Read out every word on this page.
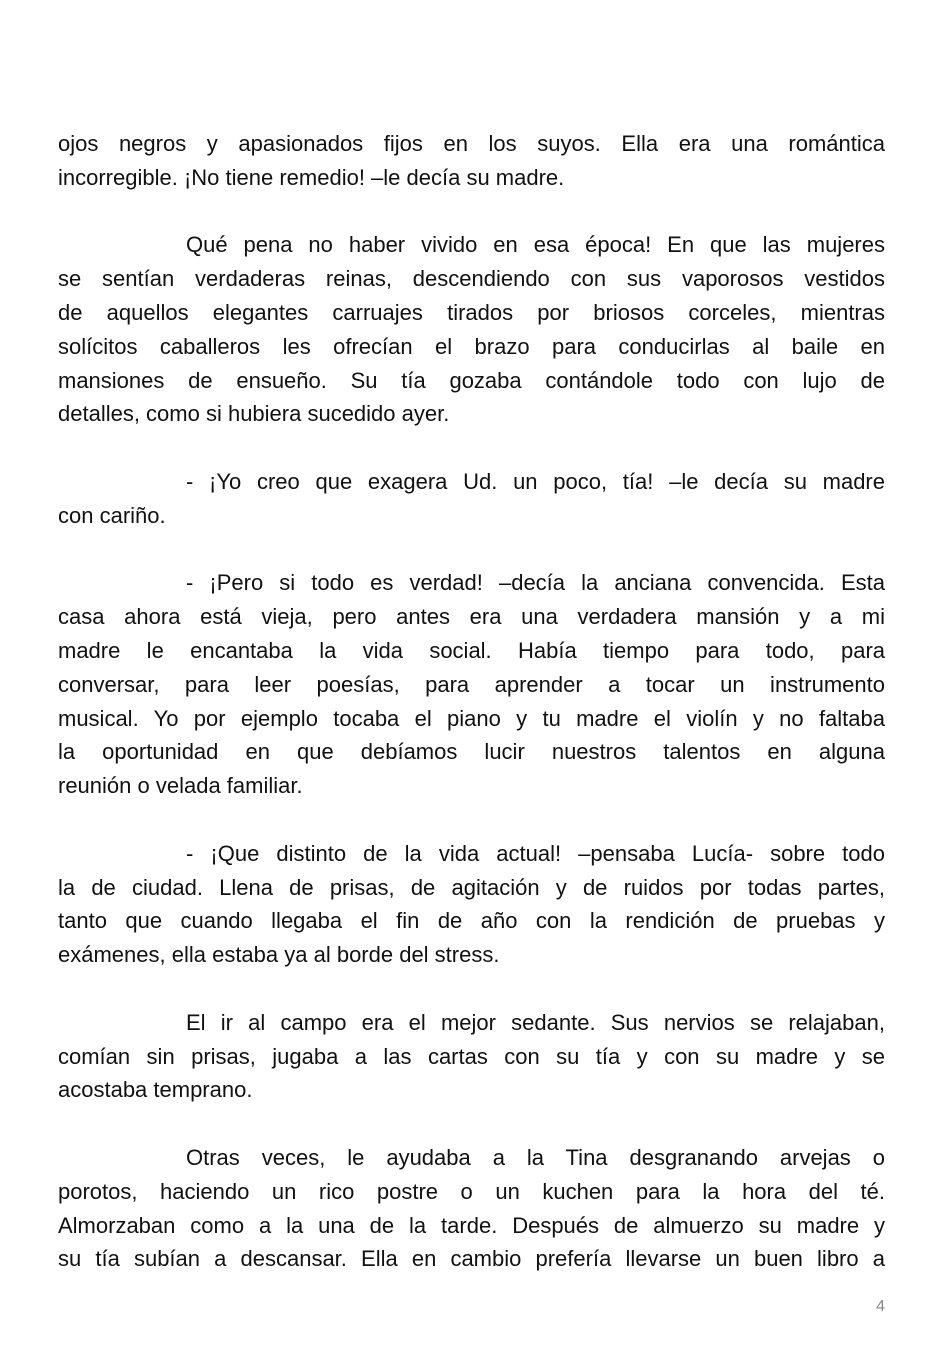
ojos negros y apasionados fijos en los suyos. Ella era una romántica
incorregible. ¡No tiene remedio! –le decía su madre.
Qué pena no haber vivido en esa época! En que las mujeres
se sentían verdaderas reinas, descendiendo con sus vaporosos vestidos
de aquellos elegantes carruajes tirados por briosos corceles, mientras
solícitos caballeros les ofrecían el brazo para conducirlas al baile en
mansiones de ensueño. Su tía gozaba contándole todo con lujo de
detalles, como si hubiera sucedido ayer.
- ¡Yo creo que exagera Ud. un poco, tía! –le decía su madre
con cariño.
- ¡Pero si todo es verdad! –decía la anciana convencida. Esta
casa ahora está vieja, pero antes era una verdadera mansión y a mi
madre le encantaba la vida social. Había tiempo para todo, para
conversar, para leer poesías, para aprender a tocar un instrumento
musical. Yo por ejemplo tocaba el piano y tu madre el violín y no faltaba
la oportunidad en que debíamos lucir nuestros talentos en alguna
reunión o velada familiar.
- ¡Que distinto de la vida actual! –pensaba Lucía- sobre todo
la de ciudad. Llena de prisas, de agitación y de ruidos por todas partes,
tanto que cuando llegaba el fin de año con la rendición de pruebas y
exámenes, ella estaba ya al borde del stress.
El ir al campo era el mejor sedante. Sus nervios se relajaban,
comían sin prisas, jugaba a las cartas con su tía y con su madre y se
acostaba temprano.
Otras veces, le ayudaba a la Tina desgranando arvejas o
porotos, haciendo un rico postre o un kuchen para la hora del té.
Almorzaban como a la una de la tarde. Después de almuerzo su madre y
su tía subían a descansar. Ella en cambio prefería llevarse un buen libro a
4
